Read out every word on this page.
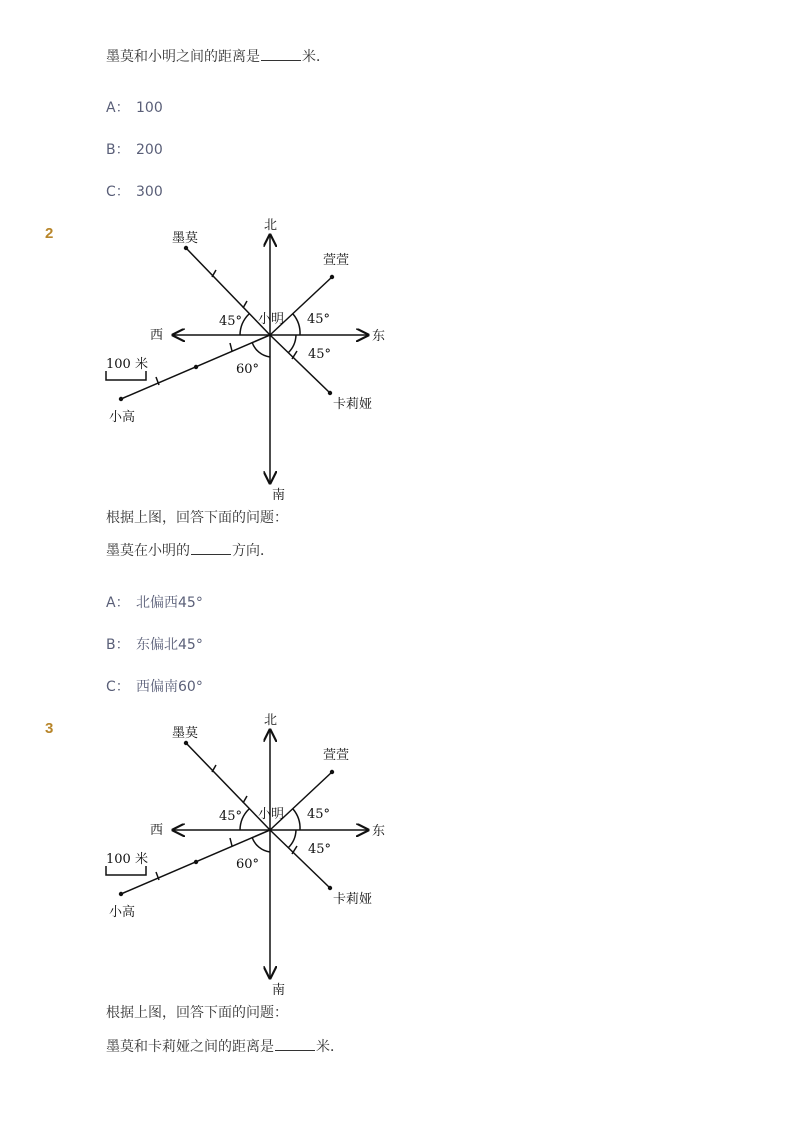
墨莫和小明之间的距离是	米．
A： 100
B： 200
C： 300
2	北
南
东
西
小明
墨莫
萱萱
卡莉娅
小高
45°	45°
45°
60°
100 米
根据上图，回答下面的问题：
墨莫在小明的	方向．
A： 北偏西45°
B： 东偏北45°
C： 西偏南60°
3	北
南
东
西
小明
墨莫
萱萱
卡莉娅
小高
45°	45°
45°
60°
100 米
根据上图，回答下面的问题：
墨莫和卡莉娅之间的距离是	米．
